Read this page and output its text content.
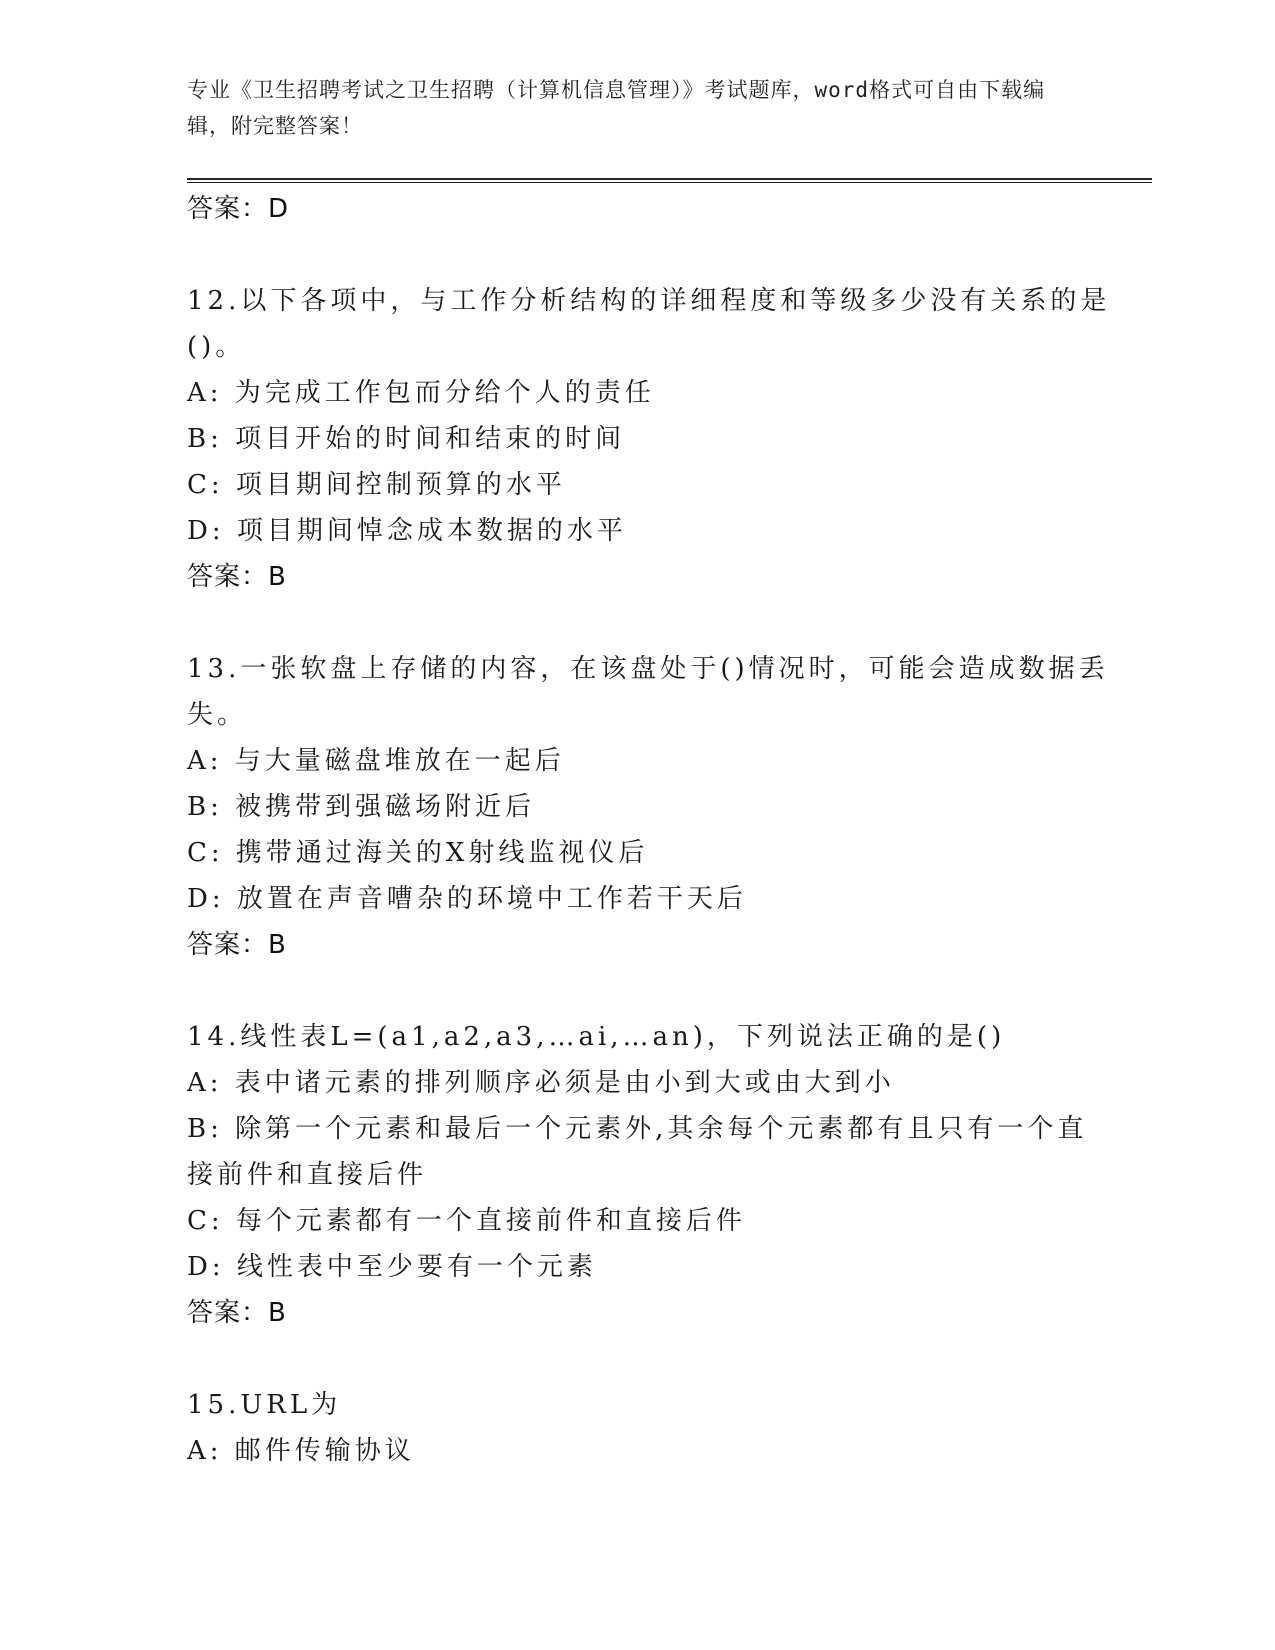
专业《卫生招聘考试之卫生招聘（计算机信息管理）》考试题库，word格式可自由下载编辑，附完整答案！
答案：D
12.以下各项中，与工作分析结构的详细程度和等级多少没有关系的是
()。
A: 为完成工作包而分给个人的责任
B: 项目开始的时间和结束的时间
C: 项目期间控制预算的水平
D: 项目期间悼念成本数据的水平
答案：B
13.一张软盘上存储的内容，在该盘处于()情况时，可能会造成数据丢
失。
A: 与大量磁盘堆放在一起后
B: 被携带到强磁场附近后
C: 携带通过海关的X射线监视仪后
D: 放置在声音嘈杂的环境中工作若干天后
答案：B
14.线性表L=(a1,a2,a3,…ai,…an)，下列说法正确的是()
A: 表中诸元素的排列顺序必须是由小到大或由大到小
B: 除第一个元素和最后一个元素外,其余每个元素都有且只有一个直
接前件和直接后件
C: 每个元素都有一个直接前件和直接后件
D: 线性表中至少要有一个元素
答案：B
15.URL为
A: 邮件传输协议
